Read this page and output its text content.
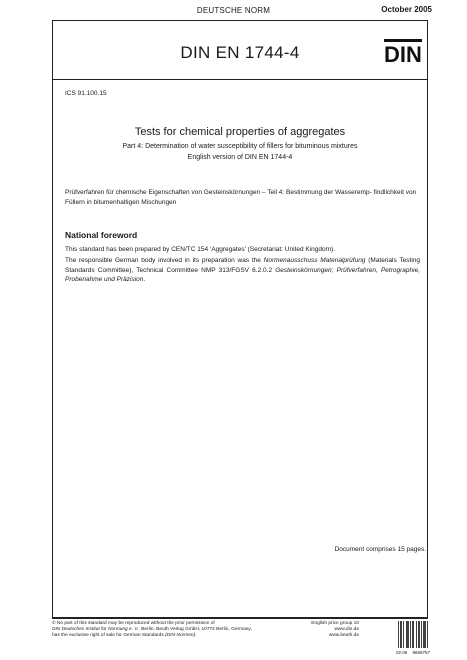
DEUTSCHE NORM	October 2005
DIN EN 1744-4	DIN
ICS 91.100.15
Tests for chemical properties of aggregates
Part 4: Determination of water susceptibility of fillers for bituminous mixtures
English version of DIN EN 1744-4
Prüfverfahren für chemische Eigenschaften von Gesteinskörnungen – Teil 4: Bestimmung der Wasseremp- findlichkeit von Füllern in bitumenhaltigen Mischungen
National foreword
This standard has been prepared by CEN/TC 154 ‘Aggregates’ (Secretariat: United Kingdom).
The responsible German body involved in its preparation was the Normenausschuss Materialprüfung (Materials Testing Standards Committee), Technical Committee NMP 313/FGSV 6.2.0.2 Gesteinskörnungen; Prüfverfahren, Petrographie, Probenahme und Präzision.
Document comprises 15 pages.
© No part of this standard may be reproduced without the prior permission of
DIN Deutsches Institut für Normung e. V., Berlin. Beuth Verlag GmbH, 10772 Berlin, Germany,
has the exclusive right of sale for German Standards (DIN-Normen).
English price group 10
www.din.de
www.beuth.de
02.06 9668757
